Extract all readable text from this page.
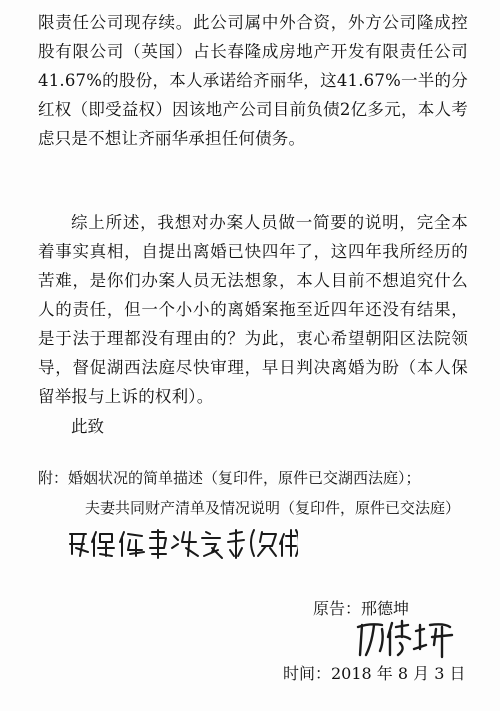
限责任公司现存续。此公司属中外合资，外方公司隆成控股有限公司（英国）占长春隆成房地产开发有限责任公司41.67%的股份，本人承诺给齐丽华，这41.67%一半的分红权（即受益权）因该地产公司目前负债2亿多元，本人考虑只是不想让齐丽华承担任何债务。
综上所述，我想对办案人员做一简要的说明，完全本着事实真相，自提出离婚已快四年了，这四年我所经历的苦难，是你们办案人员无法想象，本人目前不想追究什么人的责任，但一个小小的离婚案拖至近四年还没有结果，是于法于理都没有理由的？为此，衷心希望朝阳区法院领导，督促湖西法庭尽快审理，早日判决离婚为盼（本人保留举报与上诉的权利）。
此致
附：婚姻状况的简单描述（复印件，原件已交湖西法庭）；
夫妻共同财产清单及情况说明（复印件，原件已交法庭）
原告：邢德坤
时间：2018 年 8 月 3 日
